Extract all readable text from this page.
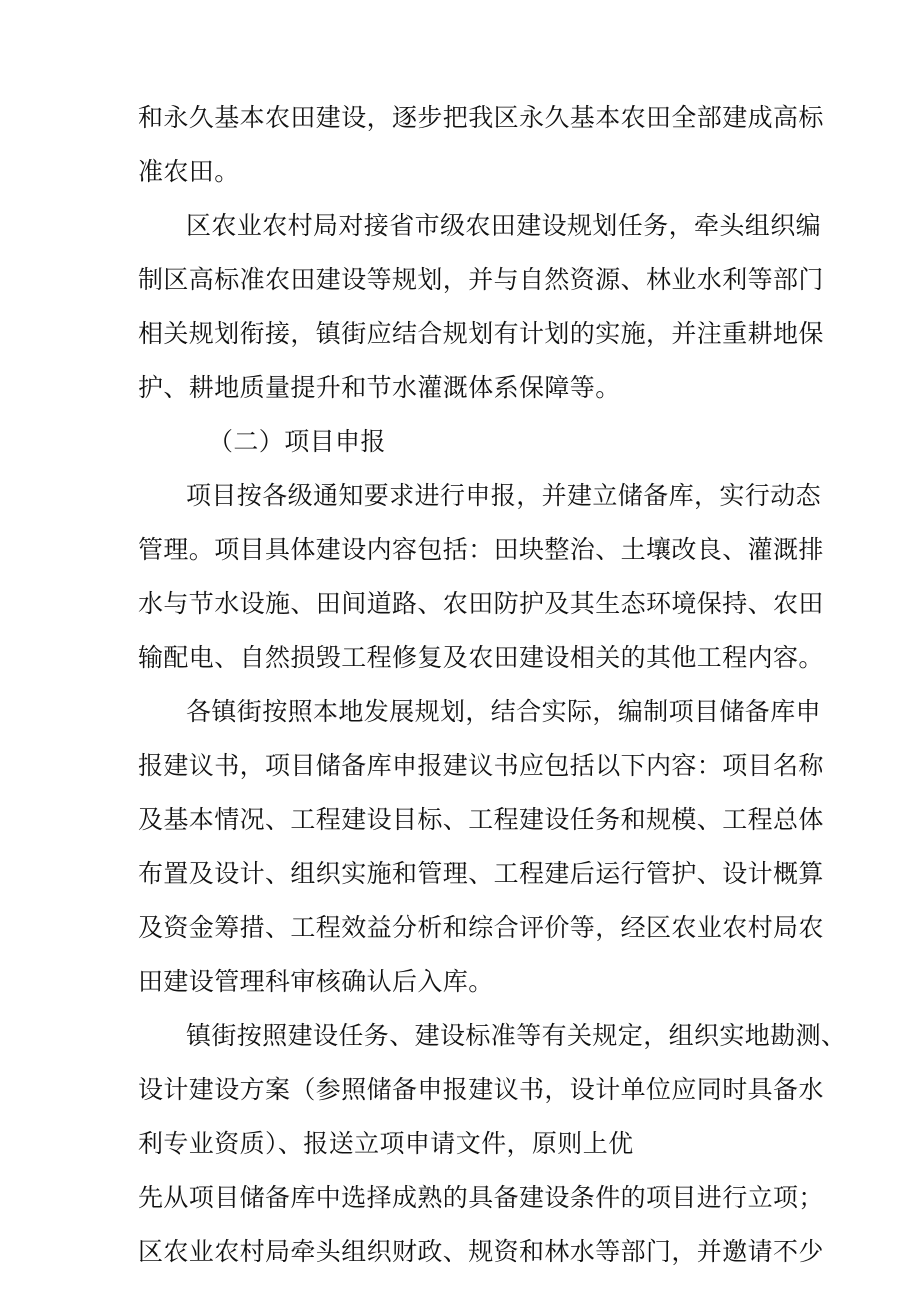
和永久基本农田建设，逐步把我区永久基本农田全部建成高标
准农田。
区农业农村局对接省市级农田建设规划任务，牵头组织编
制区高标准农田建设等规划，并与自然资源、林业水利等部门
相关规划衔接，镇街应结合规划有计划的实施，并注重耕地保
护、耕地质量提升和节水灌溉体系保障等。
（二）项目申报
项目按各级通知要求进行申报，并建立储备库，实行动态
管理。项目具体建设内容包括：田块整治、土壤改良、灌溉排
水与节水设施、田间道路、农田防护及其生态环境保持、农田
输配电、自然损毁工程修复及农田建设相关的其他工程内容。
各镇街按照本地发展规划，结合实际，编制项目储备库申
报建议书，项目储备库申报建议书应包括以下内容：项目名称
及基本情况、工程建设目标、工程建设任务和规模、工程总体
布置及设计、组织实施和管理、工程建后运行管护、设计概算
及资金筹措、工程效益分析和综合评价等，经区农业农村局农
田建设管理科审核确认后入库。
镇街按照建设任务、建设标准等有关规定，组织实地勘测、
设计建设方案（参照储备申报建议书，设计单位应同时具备水
利专业资质）、报送立项申请文件，原则上优
先从项目储备库中选择成熟的具备建设条件的项目进行立项；
区农业农村局牵头组织财政、规资和林水等部门，并邀请不少
